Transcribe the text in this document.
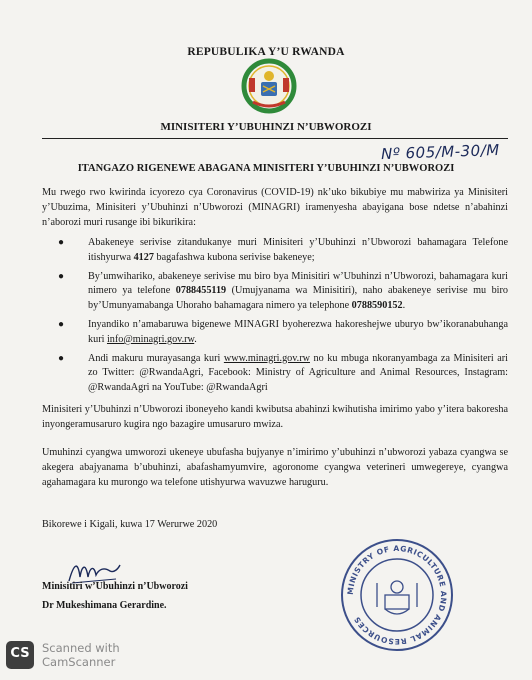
REPUBULIKA Y’U RWANDA
MINISITERI Y’UBUHINZI N’UBWOROZI
Nº 605/M-30/M
ITANGAZO RIGENEWE ABAGANA MINISITERI Y’UBUHINZI N’UBWOROZI

Mu rwego rwo kwirinda icyorezo cya Coronavirus (COVID-19) nk’uko bikubiye mu mabwiriza ya Minisiteri y’Ubuzima, Minisiteri y’Ubuhinzi n’Ubworozi (MINAGRI) iramenyesha abayigana bose ndetse n’abahinzi n’aborozi muri rusange ibi bikurikira:

● Abakeneye serivise zitandukanye muri Minisiteri y’Ubuhinzi n’Ubworozi bahamagara Telefone itishyurwa 4127 bagafashwa kubona serivise bakeneye;
● By’umwihariko, abakeneye serivise mu biro bya Minisitiri w’Ubuhinzi n’Ubworozi, bahamagara kuri nimero ya telefone 0788455119 (Umujyanama wa Minisitiri), naho abakeneye serivise mu biro by’Umunyamabanga Uhoraho bahamagara nimero ya telephone 0788590152.
● Inyandiko n’amabaruwa bigenewe MINAGRI byoherezwa hakoreshejwe uburyo bw’ikoranabuhanga kuri info@minagri.gov.rw.
● Andi makuru murayasanga kuri www.minagri.gov.rw no ku mbuga nkoranyambaga za Minisiteri ari zo Twitter: @RwandaAgri, Facebook: Ministry of Agriculture and Animal Resources, Instagram: @RwandaAgri na YouTube: @RwandaAgri

Minisiteri y’Ubuhinzi n’Ubworozi iboneyeho kandi kwibutsa abahinzi kwihutisha imirimo yabo y’itera bakoresha inyongeramusaruro kugira ngo bazagire umusaruro mwiza.

Umuhinzi cyangwa umworozi ukeneye ubufasha bujyanye n’imirimo y’ubuhinzi n’ubworozi yabaza cyangwa se akegera abajyanama b’ubuhinzi, abafashamyumvire, agoronome cyangwa veterineri umwegereye, cyangwa agahamagara ku murongo wa telefone utishyurwa wavuzwe haruguru.

Bikorewe i Kigali, kuwa 17 Werurwe 2020

Minisitiri w’Ubuhinzi n’Ubworozi
Dr Mukeshimana Gerardine.
MINISTRY OF AGRICULTURE AND ANIMAL RESOURCES
CS	Scanned with
CamScanner
